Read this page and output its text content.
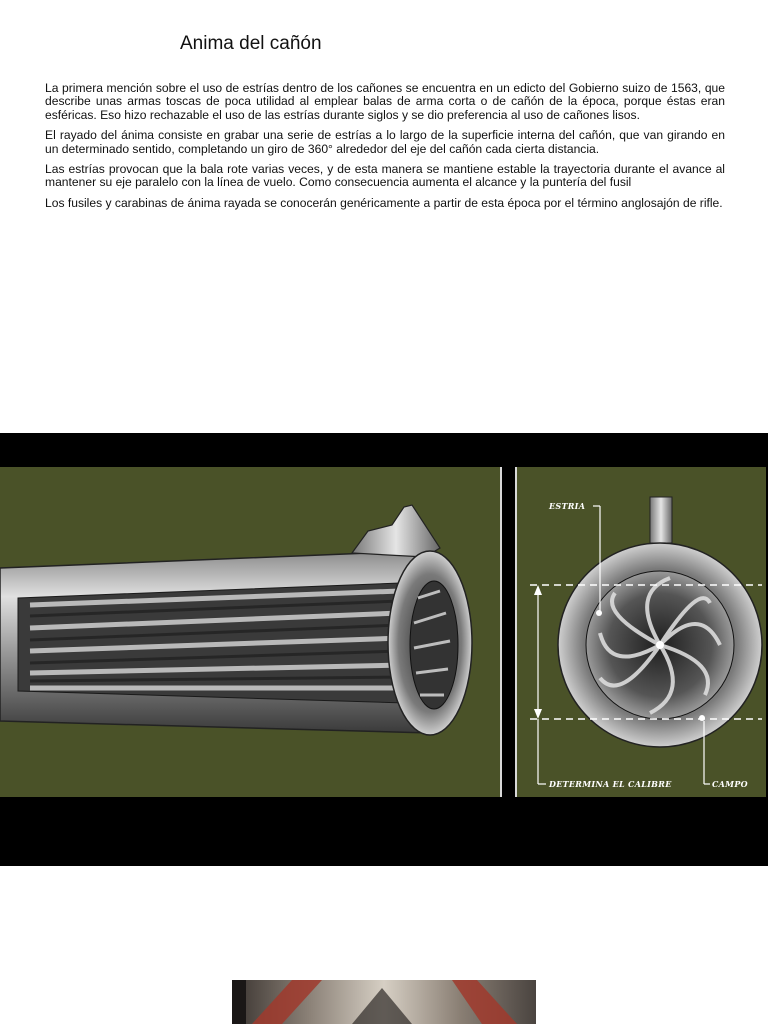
Anima del cañón

La primera mención sobre el uso de estrías dentro de los cañones se encuentra en un edicto del Gobierno suizo de 1563, que describe unas armas toscas de poca utilidad al emplear balas de arma corta o de cañón de la época, porque éstas eran esféricas. Eso hizo rechazable el uso de las estrías durante siglos y se dio preferencia al uso de cañones lisos.

El rayado del ánima consiste en grabar una serie de estrías a lo largo de la superficie interna del cañón, que van girando en un determinado sentido, completando un giro de 360° alrededor del eje del cañón cada cierta distancia.

Las estrías provocan que la bala rote varias veces, y de esta manera se mantiene estable la trayectoria durante el avance al mantener su eje paralelo con la línea de vuelo. Como consecuencia aumenta el alcance y la puntería del fusil

Los fusiles y carabinas de ánima rayada se conocerán genéricamente a partir de esta época por el término anglosajón de rifle.

ESTRIA
DETERMINA EL CALIBRE	CAMPO
